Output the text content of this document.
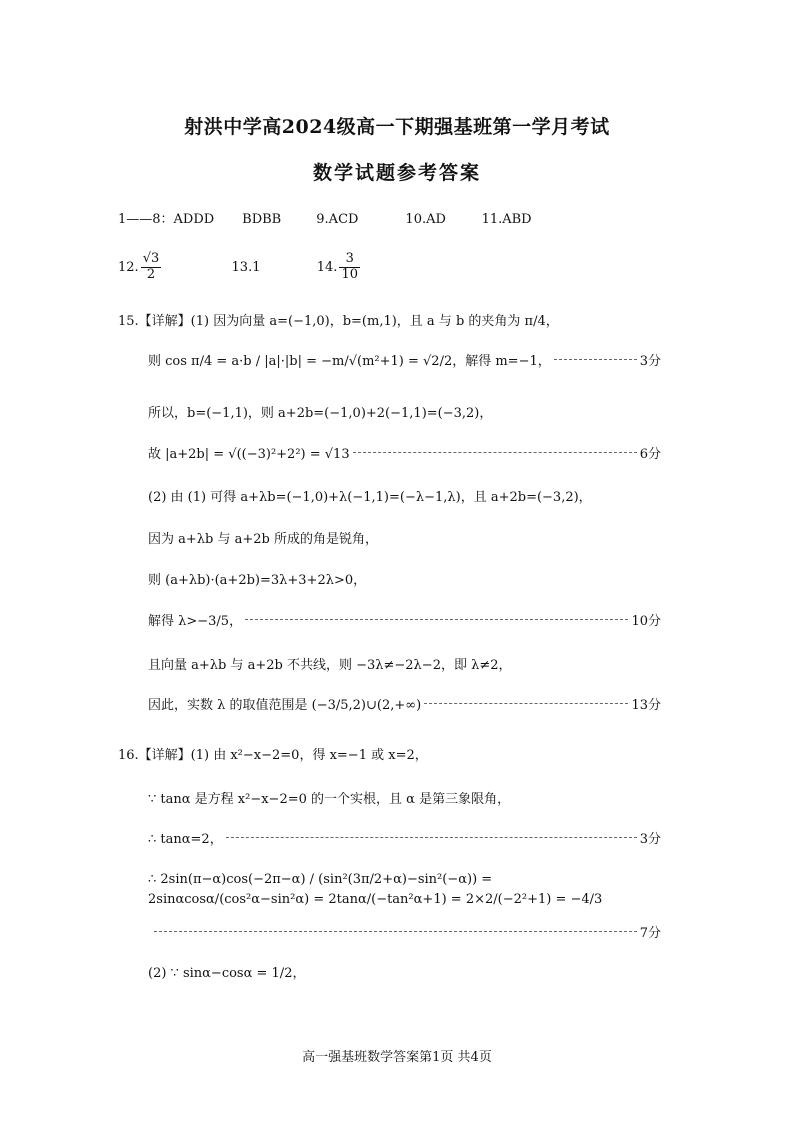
射洪中学高2024级高一下期强基班第一学月考试
数学试题参考答案
1——8：ADDD BDBB	9.ACD	10.AD	11.ABD
12. $\frac{√3}{2}$	13.1	14. $\frac{3}{10}$
15.【详解】(1) 因为向量 a=(−1,0)，b=(m,1)，且 a 与 b 的夹角为 π/4，
则 cos π/4 = a·b / |a|·|b| = −m/√(m²+1) = √2/2，解得 m=−1，	3分
所以，b=(−1,1)，则 a+2b=(−1,0)+2(−1,1)=(−3,2)，
故 |a+2b| = √((−3)²+2²) = √13	6分
(2) 由 (1) 可得 a+λb=(−1,0)+λ(−1,1)=(−λ−1,λ)，且 a+2b=(−3,2)，
因为 a+λb 与 a+2b 所成的角是锐角，
则 (a+λb)·(a+2b)=3λ+3+2λ>0，
解得 λ>−3/5，	10分
且向量 a+λb 与 a+2b 不共线，则 −3λ≠−2λ−2，即 λ≠2，
因此，实数 λ 的取值范围是 (−3/5,2)∪(2,+∞)	13分
16.【详解】(1) 由 x²−x−2=0，得 x=−1 或 x=2，
∵ tanα 是方程 x²−x−2=0 的一个实根，且 α 是第三象限角，
∴ tanα=2，	3分
∴ 2sin(π−α)cos(−2π−α) / (sin²(3π/2+α)−sin²(−α)) = 2sinαcosα/(cos²α−sin²α) = 2tanα/(−tan²α+1) = 2×2/(−2²+1) = −4/3
7分
(2) ∵ sinα−cosα = 1/2，
高一强基班数学答案第1页 共4页
